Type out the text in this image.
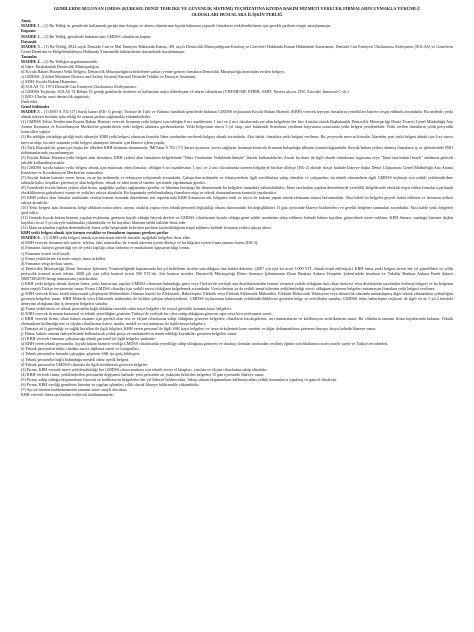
GEMİLERDE BULUNAN GMDSS (KÜRESEL DENİZ TEHLİKE VE GÜVENLİK SİSTEMİ) TEÇHİZATINA KIYIDA BAKIM HİZMETİ VERECEK FİRMALARIN UYMAKLA YÜKÜMLÜ
OLDUKLARI HUSUSLARA İLİŞKİN TEBLİĞ
Amaç
MADDE 1 – (1) Bu Tebliğ in, gemilerde kullanmak gereği tüm iletişim ve alarm cihazlarının kıyıda bakımını yapacak firmaların yetkilendirilmesi için gerekli şartların tespiti amaçlanmıştır.
Kapsam
MADDE 2 – (1) Bu Tebliğ, gemilerde bulunan tüm GMDSS cihazlarını kapsar.
Dayanak
MADDE 3 – (1) Bu Tebliğ, 4922 sayılı Denizde Can ve Mal Emniyeti Hakkında Kanun, 491 sayılı Denizcilik Müsteşarlığının Kuruluş ve Görevleri Hakkında Kanun Hükmünde Kararname, Denizde Can Emniyeti Uluslararası Sözleşmesi (SOLAS) ve Gemilerin Genel Denetimi ve Belgelendirilmesi Hakkında Yönetmelik hükümlerine dayanılarak hazırlanmıştır.
Tanımlar
MADDE 4 – (1) Bu Tebliğin uygulanmasında;
a) İdare: Başbakanlık Denizcilik Müsteşarlığını,
b) Kıyıda Bakım Hizmeti Yetki Belgesi: Denizcilik Müsteşarlığınca belirlenen şartları yerine getiren firmalara Denizcilik Müsteşarlığı tarafından verilen belgeyi,
c) GMDSS: (Global Maritime Distress and Safety System) Küresel Denizde Tehlike ve Emniyet Sistemini,
ç) KBH: Kıyıda Bakım Hizmetini,
d) SOLAS 74: 1974 Denizde Can Emniyeti Uluslararası Sözleşmesini,
e) GMDSS Teçhizatı: SOLAS 74 Bölüm IV gereği gemilerde istenilen ve kullanılan radyo haberleşme ve alarm cihazlarını (VHF/HF/MF, EPIRB, SART, Navtex alıcısı, DSC Encoder, Inmarsat-C vb.)
f) IMO: Uluslar arası denizcilik örgütünü,
İfade eder.
Genel hükümler
MADDE 5 – (1) IMO A.702 (17) Sayılı kararı (EK-1) gereği, Türkiye'de Türk ve Yabancı bandıralı gemilerde bulunan GMDSS teçhizatına Kıyıda Bakım Hizmeti (KBH) verecek teşvyen firmaların yeterlikleri İdarece tespit edilmek zorundadır. Bu nedenle; yetki almak isteyen firmalar işbu tebliğ ile aranan şartları sağlamakla yükümlüdürler.
(2) GMDSS Telsiz Tesislerinin Kıyıda Bakım Hizmeti verecek firmanın yetki belgesi için tebliğin 6 ncı maddesinin 1 inci ve 2 inci fıkralarında yer alan belgelerin her biri 4 nüsha olarak Başbakanlık Denizcilik Müsteşarlığı Deniz Ticareti Genel Müdürlüğü Ana Arama Kurtarma ve Koordinasyon Merkezi'ne gönderilerek yetki belgesi alınması gerekmektedir. Yetki belgesinin süresi 5 yıl olup, süre bitiminde firmaların yenileme başvurusu sonucunda yetki belgesi yenilenebilir. Yetki verilen firmaların yıllık periyodik kontrolleri yapılır.
(3) Bu tebliğin yürürlüğe girdiği tarih itibariyle KBH yetki belgesi olmayan firmalar İdare tarafından verilecek belgeyi almak zorundadır. Aksi halde, firmalara yetki belgesi verilmez. Bu çerçevede mevcut firmalar, İdareden yeni yetki belgesi almak için 6 ay süresi mevcut olup, bu süre sonunda yetki belgesi alamayan firmalar için İdarece işlem yapılır.
(4) Türk Bayraklı bir gemi için başka bir ülkeden KBH alınması durumunda, IMO'nun A.702 (17) kararı uyarınca, servis sağlayan firmanın kontrolü firmanın bulunduğu ülkenin sorumluluğundadır. Kıyıda bakım yetkisi alınmış firmaların iş ve işlemlerinde IMO dokümanlarında yayımlanmıştır.
(5) Kıyıda Bakım Hizmeti yetki belgesi alan firmalara, KBH yetkisi alan firmaların belgelerinde "İdare Tarafından Yetkilendirilmiştir" ibaresi kullanabilirler. Ancak bu ibare ile ilgili olarak olmaksızın logosuna veya "İdare tarafından Onaylı" anlamına gelecek şekilde kullanılmayacaktır.
(6) GMDSS kıyıda bakım yetki belgesi almak için müracaat eden firmalar, tebliğin 6 ncı maddesinin 1 inci ve 2 inci fıkralarında istenen belgelerle birlikte dilekçe (EK-2) ekinde dosya halinde İdareye başka Deniz Ulaştırması Genel Müdürlüğü Ana Arama Kurtarma ve Koordinasyon Merkezi'ne sunacaktır.
(7) Kıyıda bakım hizmeti veren firma, en az bir mühendis ve teknisyen çalıştırmak zorundadır. Çalıştırılan mühendis ve teknisyenlerin ilgili sertifikalara sahip olmaları ve çalışmaları; bu teknik elemanların ilgili GMDSS teçhizatı için yetkili yetkilendirilme tahtında kalıcı koşulları güvenceye alan belgelerin, teknik ve idari kontrol sistemi içerisinde yapılanması gerekir.
(8) Gemilerde kıyıda bakım yetkisi alan firma, aşağıdaki şartları sağlamaları gerekir ve İdarenin herhangi bir denetiminde bu belgeleri sunmakla yükümlüdürler; İdare tarafından yapılan denetimlerde yeterlilik belgelerinde eksiklik tespit edilen firmalar uyarılarak eksikliklerinin giderilmesi istenir ve yetkileri askıya alınabilir. Bu kapsamda yetkilendirilmiş firmaların ekip ve teknik donanımlarının kontrolü yapılacaktır.
(9) KBH yetkisi alan firmalar tarafından verilen hizmet sonunda düzenlenen test raporlarında KBH firmasının adı, belgenin tarih ve sayısı ile bakımı yapan teknik elemanın imzası bulunmalıdır. Aksi halde bu belgeler geçerli kabul edilmez ve firmanın yetkisi askıya alınabilir.
(10) Yetki belgesi alan firmaların, belge aldıktan sonra adres, unvan, ortaklık yapısı veya teknik personel değişikliği olması durumunda; bu değişiklikleri 15 gün içerisinde İdareye bildirmeleri ve gerekli belgeleri sunmaları zorunludur. Aksi halde yetki belgeleri iptal edilir.
(11) Gemide kıyıda bakım hizmeti yapılan teçhizatın, geminin kayıtlı olduğu bayrak devleti ve GMDSS cihazlarının kurulu olduğu gemi sahibi tarafından talep edilmesi halinde bakım kayıtları gösterilmek üzere saklanır. KBH firması, sunduğu hizmete ilişkin kayıtları en az 5 yıl süreyle saklamakla yükümlüdür ve bu kayıtları İdarenin talebi halinde ibraz eder.
(12) İdare tarafından yapılan denetimlerde firma yetki belgesinde belirtilen şartların kaybedildiğinin tespit edilmesi halinde firmanın yetkisi askıya alınır.
KBH yetki belgesi almak için istenen evraklar ve firmaların taşıması gereken şartlar
MADDE 6 – (1) KBH yetki belgesi almak için müracaat edecek firmalar aşağıdaki belgeleri ibraz eder:
a) KBH verecek firmanın adı, adresi, telefon, faks numaraları ile e-mail adresini içeren dilekçe ve bu bilgileri içeren firma tanıtım formu (EK-3),
b) Firmanın faaliyet gösterdiği yer ile yetki taşıdığı cihaz türlerini ve markalarını kapsayan bilgi formu,
c) Firmanın ticaret sicil kaydı,
ç) Firma yetkililerine ait noter onaylı imza sirküleri,
d) Firmanın vergi levhası sureti,
e) Denizcilik Müsteşarlığı Döner Sermaye İşletmesi Yönetmeliğinde kapsamında her yıl belirlenen ücretin yatırıldığına dair banka dekontu. (2007 yılı için bu ücret 5.000 YTL olarak tespit edilmiştir.) KBH firma yetki belgesi ücreti her yıl güncellenir ve yıllık periyodik kontrol ücreti ödenir. 2008 yılı için yıllık kontrol ücreti 500 YTL'dir. Söz konusu ücretler, Denizcilik Müsteşarlığı Döner Sermaye İşletmesinin Ziraat Bankası Ankara Yenişehir Şubesi'ndeki hesabına ve Vakıflar Bankası Ankara Emek Şubesi 580072852059 hesap numarasına yatırılacaktır.
f) KBH yetki belgesi almak isteyen firma, yetki başvurusu yapılan GMDSS cihazının bulunduğu gemi veya Türkiye'de yerleşik ana distribütöründen hizmet vermeye yetkili olduğuna dair cihaz üreticisi veya distribütörü tarafından verilmiş belgeyi ve bu belgenin noter onaylı Türkçe tercümesini sunar. Firma GMDSS cihazları için yetkili servis olduğunu belgelemek zorundadır. Üreticilerinin ya da yetkili temsilcilerinin yetkilendirdiği servis olduğunu gösteren belgeleri sunamayan firmalara yetki belgesi verilmez.
g) KBH verecek firma, kendi bünyesinde çalışmayan Mühendisler Odasına kayıtlı bir Elektronik, Haberleşme, Elektrik veya Elektrik Elektronik Mühendisi, Elektrik-Elektronik Teknisyeni veya denizcilik alanında uzmanlaşmış diğer teknik elemanların yetkinliğini gösteren belgeleri sunar. KBH Elektrik veya Elektronik mühendisi ile birlikte çalışan teknisyenlerin, GMDSS teçhizatının bakımında yetkilendirildiklerini gösteren belge ve sertifikalar sunulur; GMDSS telsiz haberleşme teçhizatı ile ilgili en az 1 yıl 2 mesleki deneyimi olduğuna dair iş deneyim belgeleri sunulur.
ğ) Firma yetkilisinin ve teknik personelin bağlı oldukları meslek odası kayıt belgeleri ile sosyal güvenlik kurumu kayıt belgeleri,
h) KBH verecek firmanın kurumsal ve teknik yeterliliğini gösteren Türkiye'de yerleşik bir ofise sahip olduğunu gösteren tapu veya kira sözleşmesi sureti,
ı) KBH verecek firma; cihaz bakım onarımı için gerekli olan test ve ölçüm cihazlarına sahip olduğunu gösteren belgeleri; cihazların fotokopilerini, seri numaralarını ve kalibrasyon sertifikalarını sunar. Bu cihazların tamamı firma kayıtlarında bulunur. Teknik elemanların kullandığı test ve ölçüm cihazlarının listesi, marka, model ve seri numarası ile kalibrasyon belgeleri.
i) Firmaya ait iş güvenliği ve sağlık kuralları ile ilgili bilgileri, KBH veren personel ile ilgili SSK kayıt belgeleri ve imza sirkülerinin birer suretini ve diğer dokümanlarını gösteren dosyayı dosya halinde İdareye sunar.
j) Firma, bakım onarım faaliyetlerinde kullanılacak yedek parça ve malzemelerin temin edildiği kaynakları gösteren belgeleri sunar.
(2) KBH verecek firmanın çalıştıracağı teknik personel ile ilgili belgeler şunlardır:
a) KBH veren teknik personelin, kıyıda bakım hizmeti verdiği GMDSS cihazlarında yeterliliğe sahip olduğunu gösteren ve imalatçı firmalar tarafından verilmiş eğitim sertifikalarının noter onaylı sureti ve Türkçe tercümeleri,
b) Teknik personelin nüfus cüzdanı sureti, diploma sureti ve fotoğrafları,
c) Teknik personelin firmada çalıştığını gösteren SSK işe giriş bildirgesi,
ç) Teknik personelin bağlı bulunduğu meslek odası üyelik belgesi,
d) Teknik personelin GMDSS cihazları ile ilgili tecrübesini gösteren belgeler.
(3) Firma, KBH vermek üzere yetkilendirildiği her GMDSS cihazı markası için teknik servis el kitapları, yazılım ve ölçüm cihazlarına sahip olmalıdır.
(4) KBH verecek firma, yetkilendirilen personelin değişmesi halinde, yeni personele ait yukarıda belirtilen belgeleri 15 gün içerisinde İdareye sunar.
(5) Firma, sahip olduğu ekipmanların listesini ve kalibrasyon belgelerini her yıl İdareye bildirecektir. Sahip olunan ekipmanların kalibrasyonları yetkili kurumlarca yapılmış ve güncel olmalıdır.
(6) Firma, KBH verdiği gemilerin listesini ve yapılan işlemleri yıllık olarak İdareye bildirmekle yükümlüdür.
(7) Ayrıca istenen taahhütnamenin tamamı noter onaylı olacaktır.
KBH verecek firma tarafından verilecek taahhütnamede;
